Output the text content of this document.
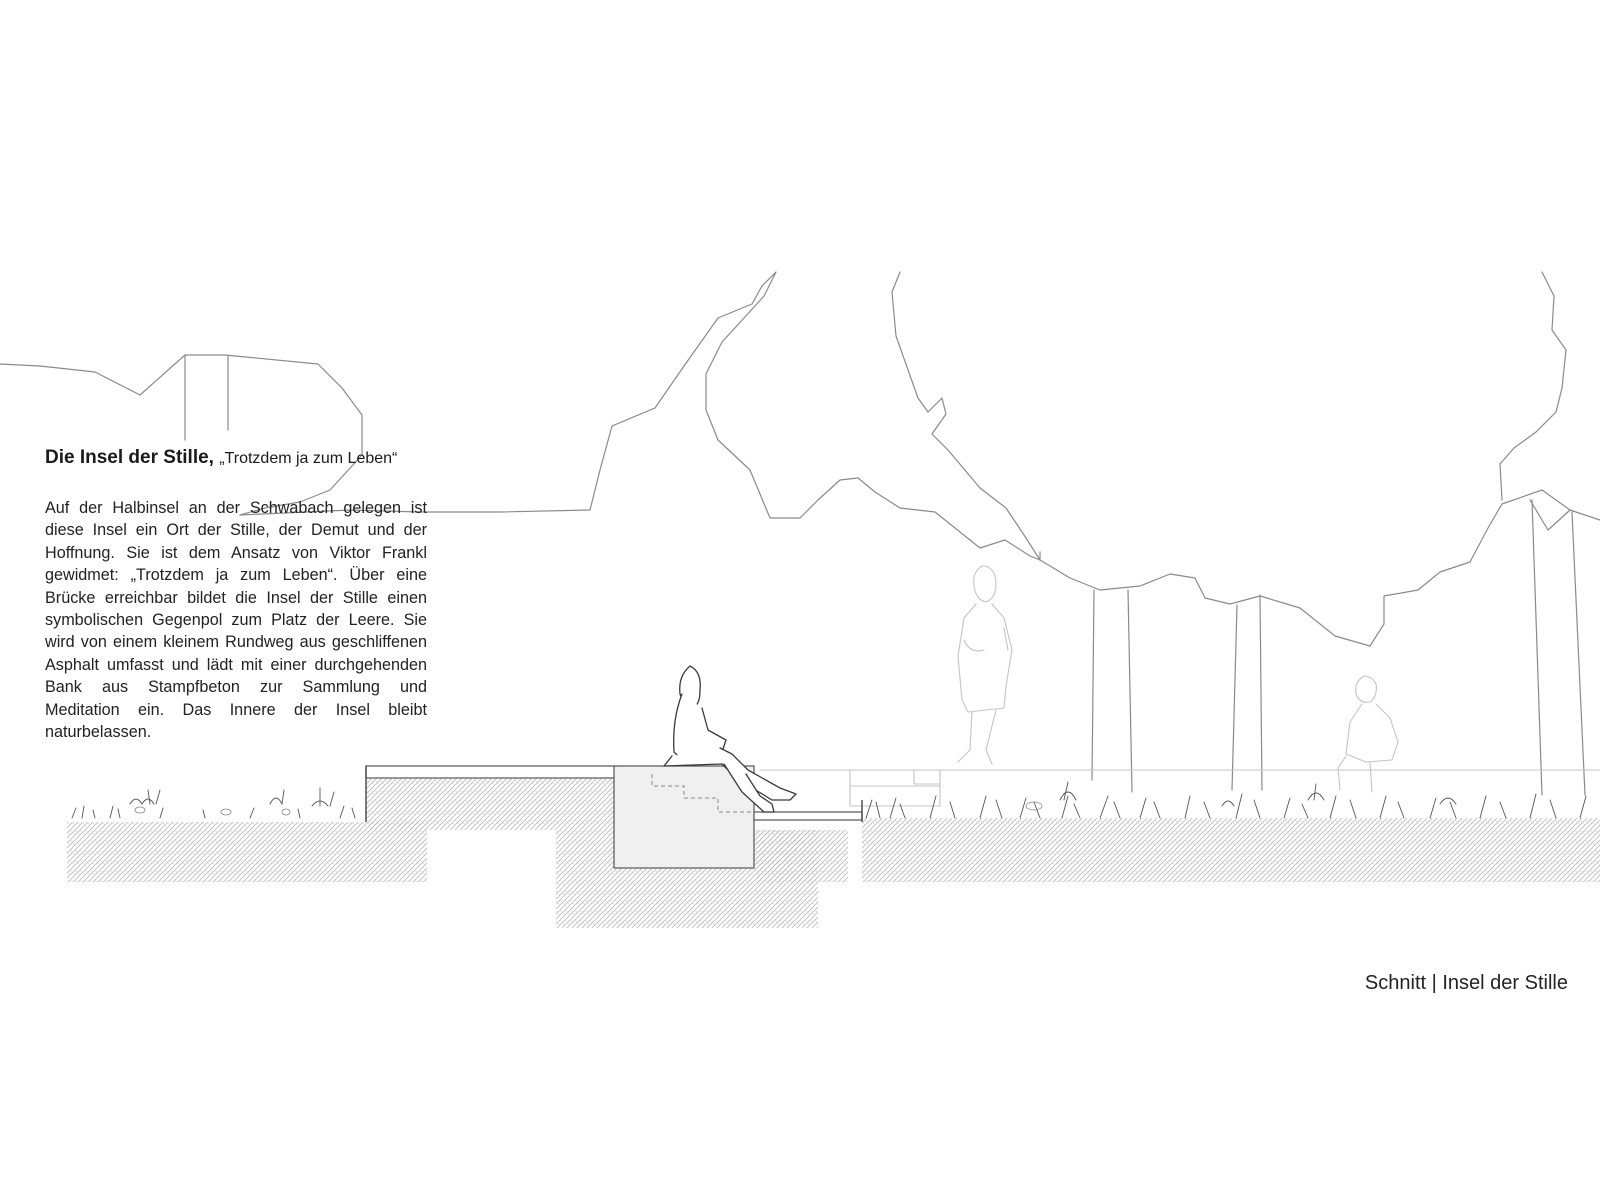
Die Insel der Stille, „Trotzdem ja zum Leben“

Auf der Halbinsel an der Schwabach gelegen ist diese Insel ein Ort der Stille, der Demut und der Hoffnung. Sie ist dem Ansatz von Viktor Frankl gewidmet: „Trotzdem ja zum Leben“. Über eine Brücke erreichbar bildet die Insel der Stille einen symbolischen Gegenpol zum Platz der Leere. Sie wird von einem kleinem Rundweg aus geschliffenen Asphalt umfasst und lädt mit einer durchgehenden Bank aus Stampfbeton zur Sammlung und Meditation ein. Das Innere der Insel bleibt naturbelassen.

Schnitt | Insel der Stille
